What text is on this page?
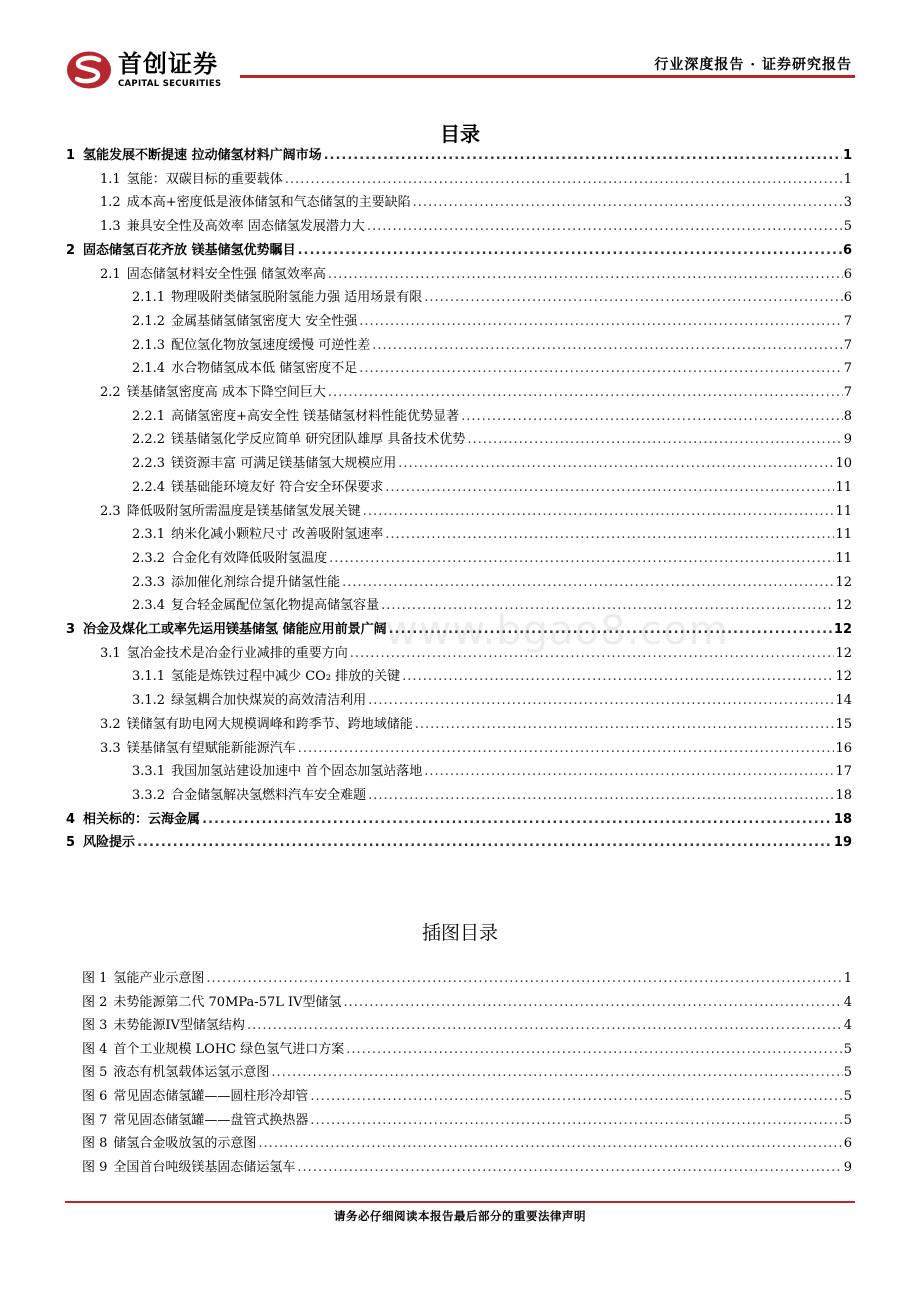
首创证券
CAPITAL SECURITIES
行业深度报告 · 证券研究报告
目录
1 氢能发展不断提速 拉动储氢材料广阔市场 .....	1
1.1 氢能：双碳目标的重要载体 .....	1
1.2 成本高+密度低是液体储氢和气态储氢的主要缺陷 .....	3
1.3 兼具安全性及高效率 固态储氢发展潜力大 .....	5
2 固态储氢百花齐放 镁基储氢优势瞩目 .....	6
2.1 固态储氢材料安全性强 储氢效率高 .....	6
2.1.1 物理吸附类储氢脱附氢能力强 适用场景有限 .....	6
2.1.2 金属基储氢储氢密度大 安全性强 .....	7
2.1.3 配位氢化物放氢速度缓慢 可逆性差 .....	7
2.1.4 水合物储氢成本低 储氢密度不足 .....	7
2.2 镁基储氢密度高 成本下降空间巨大 .....	7
2.2.1 高储氢密度+高安全性 镁基储氢材料性能优势显著 .....	8
2.2.2 镁基储氢化学反应简单 研究团队雄厚 具备技术优势 .....	9
2.2.3 镁资源丰富 可满足镁基储氢大规模应用 .....	10
2.2.4 镁基础能环境友好 符合安全环保要求 .....	11
2.3 降低吸附氢所需温度是镁基储氢发展关键 .....	11
2.3.1 纳米化减小颗粒尺寸 改善吸附氢速率 .....	11
2.3.2 合金化有效降低吸附氢温度 .....	11
2.3.3 添加催化剂综合提升储氢性能 .....	12
2.3.4 复合轻金属配位氢化物提高储氢容量 .....	12
3 冶金及煤化工或率先运用镁基储氢 储能应用前景广阔 .....	12
3.1 氢冶金技术是冶金行业减排的重要方向 .....	12
3.1.1 氢能是炼铁过程中减少 CO₂ 排放的关键 .....	12
3.1.2 绿氢耦合加快煤炭的高效清洁利用 .....	14
3.2 镁储氢有助电网大规模调峰和跨季节、跨地域储能 .....	15
3.3 镁基储氢有望赋能新能源汽车 .....	16
3.3.1 我国加氢站建设加速中 首个固态加氢站落地 .....	17
3.3.2 合金储氢解决氢燃料汽车安全难题 .....	18
4 相关标的：云海金属 .....	18
5 风险提示 .....	19
www.bgao8.com
插图目录
图 1 氢能产业示意图 .....	1
图 2 未势能源第二代 70MPa-57L IV型储氢 .....	4
图 3 未势能源IV型储氢结构 .....	4
图 4 首个工业规模 LOHC 绿色氢气进口方案 .....	5
图 5 液态有机氢载体运氢示意图 .....	5
图 6 常见固态储氢罐——圆柱形冷却管 .....	5
图 7 常见固态储氢罐——盘管式换热器 .....	5
图 8 储氢合金吸放氢的示意图 .....	6
图 9 全国首台吨级镁基固态储运氢车 .....	9
请务必仔细阅读本报告最后部分的重要法律声明
